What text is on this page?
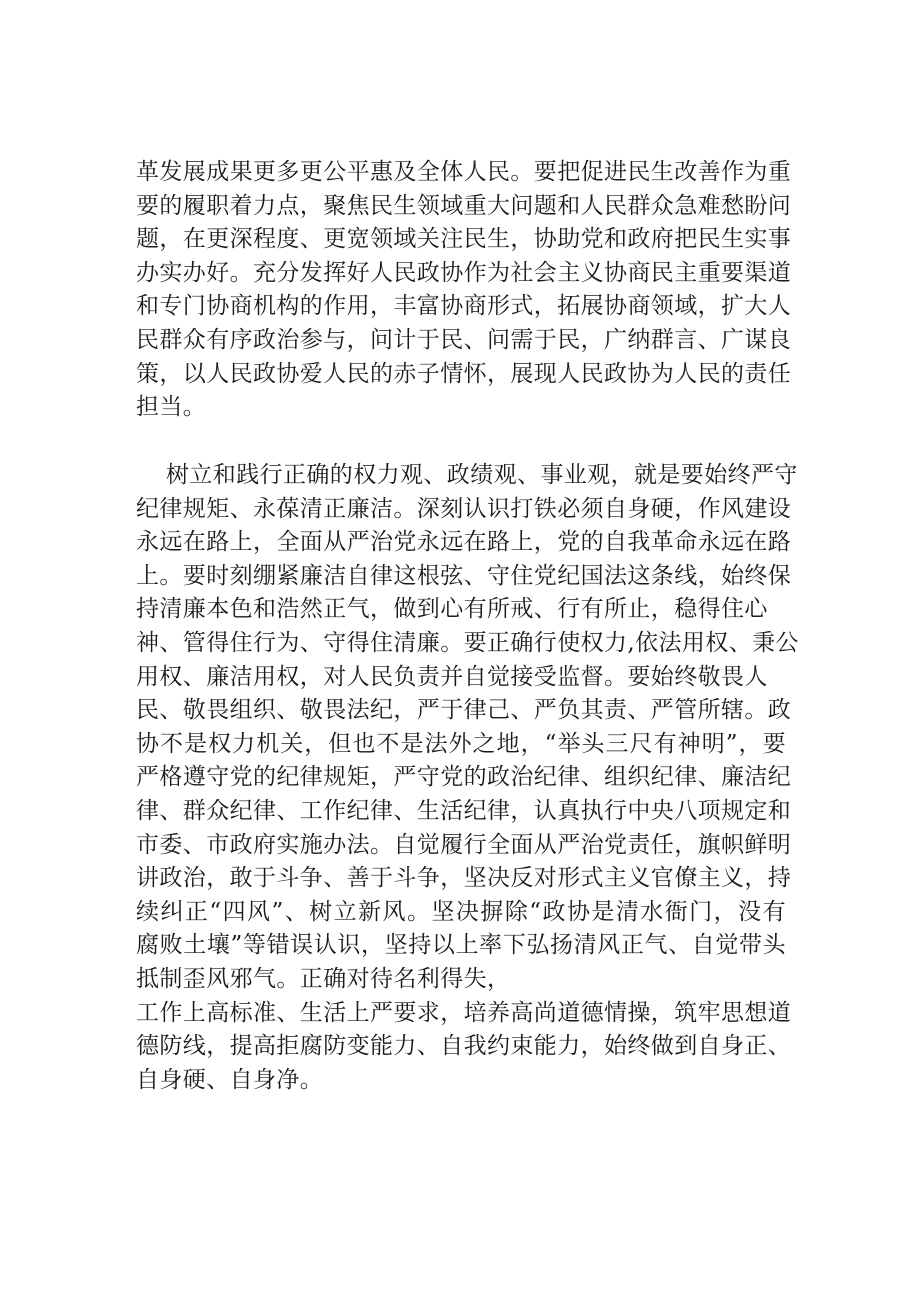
革发展成果更多更公平惠及全体人民。要把促进民生改善作为重
要的履职着力点，聚焦民生领域重大问题和人民群众急难愁盼问
题，在更深程度、更宽领域关注民生，协助党和政府把民生实事
办实办好。充分发挥好人民政协作为社会主义协商民主重要渠道
和专门协商机构的作用，丰富协商形式，拓展协商领域，扩大人
民群众有序政治参与，问计于民、问需于民，广纳群言、广谋良
策，以人民政协爱人民的赤子情怀，展现人民政协为人民的责任
担当。
树立和践行正确的权力观、政绩观、事业观，就是要始终严守
纪律规矩、永葆清正廉洁。深刻认识打铁必须自身硬，作风建设
永远在路上，全面从严治党永远在路上，党的自我革命永远在路
上。要时刻绷紧廉洁自律这根弦、守住党纪国法这条线，始终保
持清廉本色和浩然正气，做到心有所戒、行有所止，稳得住心
神、管得住行为、守得住清廉。要正确行使权力,依法用权、秉公
用权、廉洁用权，对人民负责并自觉接受监督。要始终敬畏人
民、敬畏组织、敬畏法纪，严于律己、严负其责、严管所辖。政
协不是权力机关，但也不是法外之地，“举头三尺有神明”，要
严格遵守党的纪律规矩，严守党的政治纪律、组织纪律、廉洁纪
律、群众纪律、工作纪律、生活纪律，认真执行中央八项规定和
市委、市政府实施办法。自觉履行全面从严治党责任，旗帜鲜明
讲政治，敢于斗争、善于斗争，坚决反对形式主义官僚主义，持
续纠正“四风”、树立新风。坚决摒除“政协是清水衙门，没有
腐败土壤”等错误认识，坚持以上率下弘扬清风正气、自觉带头
抵制歪风邪气。正确对待名利得失，
工作上高标准、生活上严要求，培养高尚道德情操，筑牢思想道
德防线，提高拒腐防变能力、自我约束能力，始终做到自身正、
自身硬、自身净。
